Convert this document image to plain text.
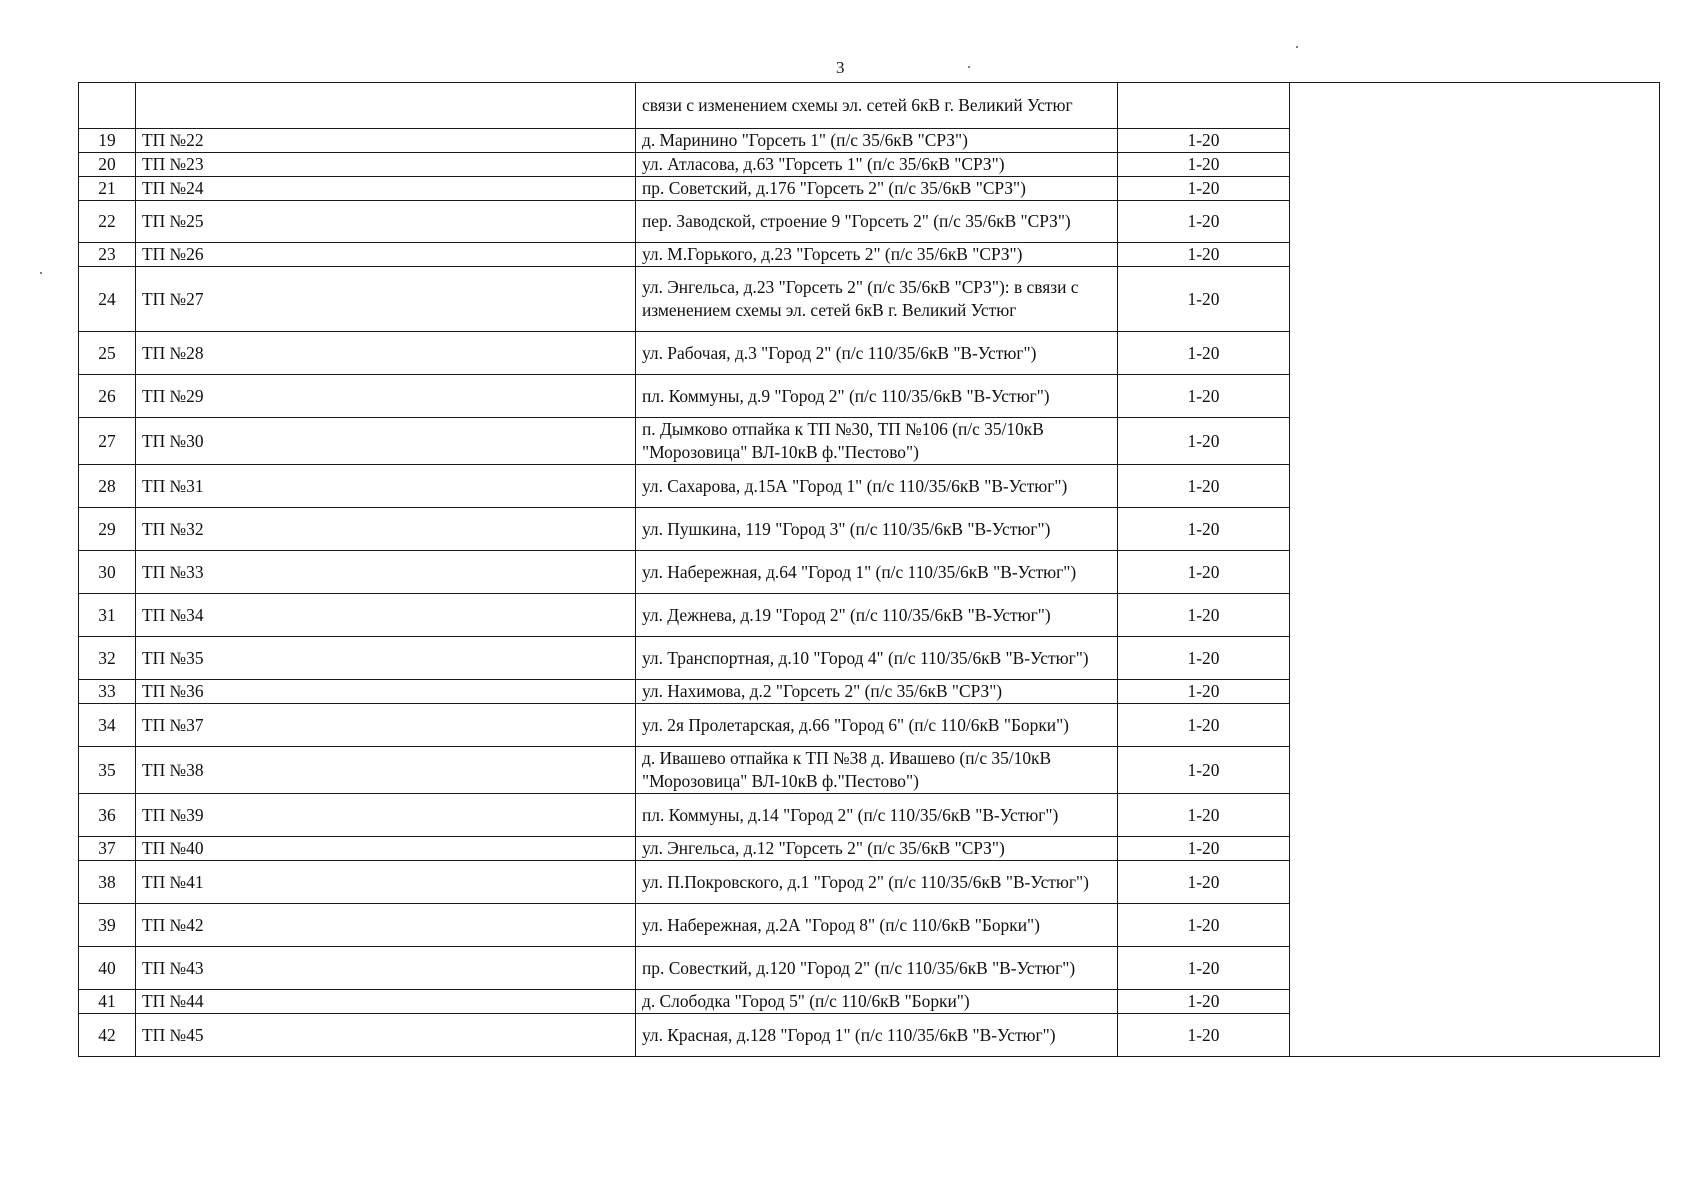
3
		связи с изменением схемы эл. сетей 6кВ г. Великий Устюг		
19	ТП №22	д. Маринино "Горсеть 1" (п/с 35/6кВ "СРЗ")	1-20	
20	ТП №23	ул. Атласова, д.63 "Горсеть 1" (п/с 35/6кВ "СРЗ")	1-20	
21	ТП №24	пр. Советский, д.176 "Горсеть 2" (п/с 35/6кВ "СРЗ")	1-20	
22	ТП №25	пер. Заводской, строение 9 "Горсеть 2" (п/с 35/6кВ "СРЗ")	1-20	
23	ТП №26	ул. М.Горького, д.23 "Горсеть 2" (п/с 35/6кВ "СРЗ")	1-20	
24	ТП №27	ул. Энгельса, д.23 "Горсеть 2" (п/с 35/6кВ "СРЗ"): в связи с изменением схемы эл. сетей 6кВ г. Великий Устюг	1-20	
25	ТП №28	ул. Рабочая, д.3 "Город 2" (п/с 110/35/6кВ "В-Устюг")	1-20	
26	ТП №29	пл. Коммуны, д.9 "Город 2" (п/с 110/35/6кВ "В-Устюг")	1-20	
27	ТП №30	п. Дымково отпайка к ТП №30, ТП №106 (п/с 35/10кВ "Морозовица" ВЛ-10кВ ф."Пестово")	1-20	
28	ТП №31	ул. Сахарова, д.15А "Город 1" (п/с 110/35/6кВ "В-Устюг")	1-20	
29	ТП №32	ул. Пушкина, 119 "Город 3" (п/с 110/35/6кВ "В-Устюг")	1-20	
30	ТП №33	ул. Набережная, д.64 "Город 1" (п/с 110/35/6кВ "В-Устюг")	1-20	
31	ТП №34	ул. Дежнева, д.19 "Город 2" (п/с 110/35/6кВ "В-Устюг")	1-20	
32	ТП №35	ул. Транспортная, д.10 "Город 4" (п/с 110/35/6кВ "В-Устюг")	1-20	
33	ТП №36	ул. Нахимова, д.2 "Горсеть 2" (п/с 35/6кВ "СРЗ")	1-20	
34	ТП №37	ул. 2я Пролетарская, д.66 "Город 6" (п/с 110/6кВ "Борки")	1-20	
35	ТП №38	д. Ивашево отпайка к ТП №38 д. Ивашево (п/с 35/10кВ "Морозовица" ВЛ-10кВ ф."Пестово")	1-20	
36	ТП №39	пл. Коммуны, д.14 "Город 2" (п/с 110/35/6кВ "В-Устюг")	1-20	
37	ТП №40	ул. Энгельса, д.12 "Горсеть 2" (п/с 35/6кВ "СРЗ")	1-20	
38	ТП №41	ул. П.Покровского, д.1 "Город 2" (п/с 110/35/6кВ "В-Устюг")	1-20	
39	ТП №42	ул. Набережная, д.2А "Город 8" (п/с 110/6кВ "Борки")	1-20	
40	ТП №43	пр. Совесткий, д.120 "Город 2" (п/с 110/35/6кВ "В-Устюг")	1-20	
41	ТП №44	д. Слободка "Город 5" (п/с 110/6кВ "Борки")	1-20	
42	ТП №45	ул. Красная, д.128 "Город 1" (п/с 110/35/6кВ "В-Устюг")	1-20	
